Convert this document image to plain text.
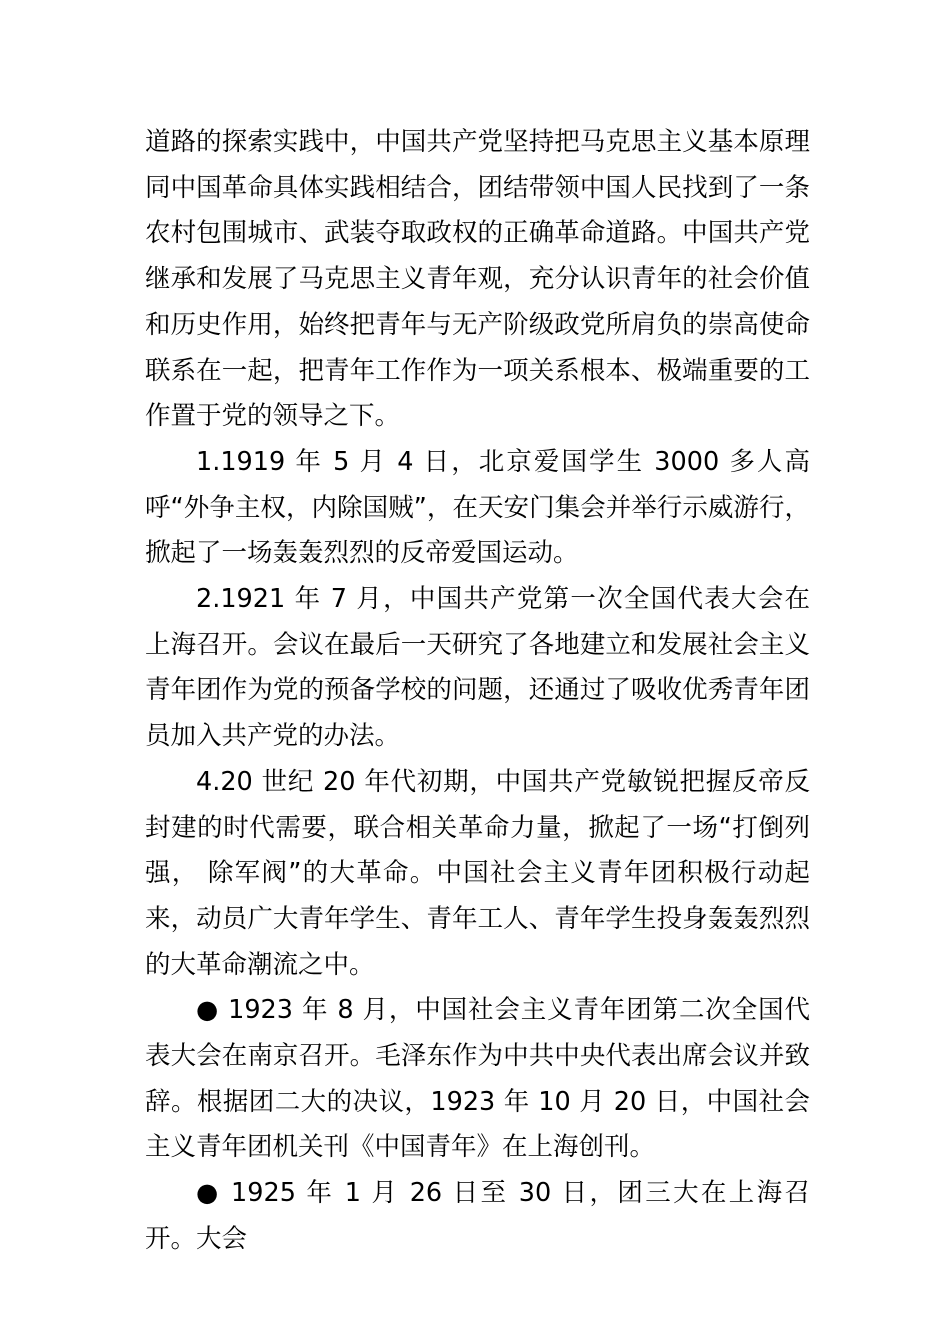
道路的探索实践中，中国共产党坚持把马克思主义基本原理同中国革命具体实践相结合，团结带领中国人民找到了一条农村包围城市、武装夺取政权的正确革命道路。中国共产党继承和发展了马克思主义青年观，充分认识青年的社会价值和历史作用，始终把青年与无产阶级政党所肩负的崇高使命联系在一起，把青年工作作为一项关系根本、极端重要的工作置于党的领导之下。

1.1919 年 5 月 4 日，北京爱国学生 3000 多人高呼“外争主权，内除国贼”，在天安门集会并举行示威游行，掀起了一场轰轰烈烈的反帝爱国运动。

2.1921 年 7 月，中国共产党第一次全国代表大会在上海召开。会议在最后一天研究了各地建立和发展社会主义青年团作为党的预备学校的问题，还通过了吸收优秀青年团员加入共产党的办法。

4.20 世纪 20 年代初期，中国共产党敏锐把握反帝反封建的时代需要，联合相关革命力量，掀起了一场“打倒列强， 除军阀”的大革命。中国社会主义青年团积极行动起来，动员广大青年学生、青年工人、青年学生投身轰轰烈烈的大革命潮流之中。

● 1923 年 8 月，中国社会主义青年团第二次全国代表大会在南京召开。毛泽东作为中共中央代表出席会议并致辞。根据团二大的决议，1923 年 10 月 20 日，中国社会主义青年团机关刊《中国青年》在上海创刊。

● 1925 年 1 月 26 日至 30 日，团三大在上海召开。大会
